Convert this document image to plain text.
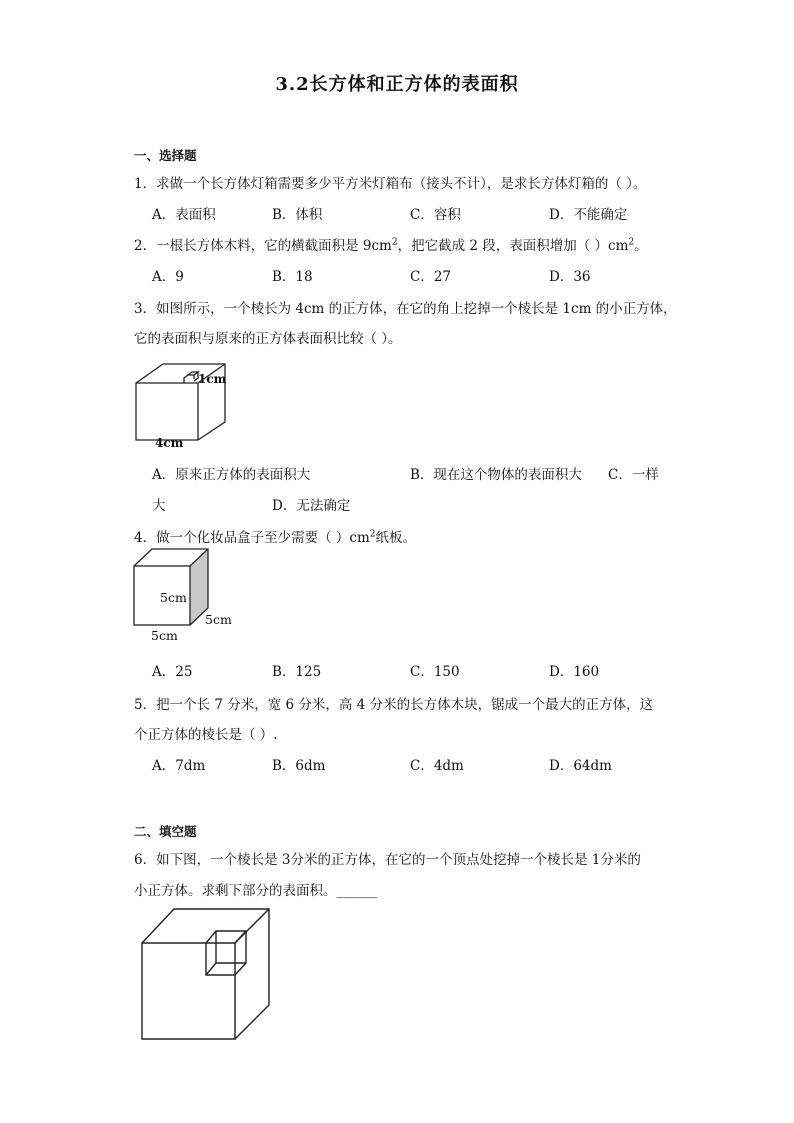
3.2长方体和正方体的表面积
一、选择题
1．求做一个长方体灯箱需要多少平方米灯箱布（接头不计），是求长方体灯箱的（ ）。
A．表面积	B．体积	C．容积	D．不能确定
2．一根长方体木料，它的横截面积是 $9cm^2$，把它截成 2 段，表面积增加（ ）$cm^2$。
A．9	B．18	C．27	D．36
3．如图所示，一个棱长为 4cm 的正方体，在它的角上挖掉一个棱长是 1cm 的小正方体，
它的表面积与原来的正方体表面积比较（ ）。
1cm
4cm
A．原来正方体的表面积大	B．现在这个物体的表面积大 C．一样
大	D．无法确定
4．做一个化妆品盒子至少需要（ ）$cm^2$纸板。
5cm
5cm
5cm
A．25	B．125	C．150	D．160
5．把一个长 7 分米，宽 6 分米，高 4 分米的长方体木块，锯成一个最大的正方体，这
个正方体的棱长是（ ）.
A．7dm	B．6dm	C．4dm	D．64dm
二、填空题
6．如下图，一个棱长是 3分米的正方体，在它的一个顶点处挖掉一个棱长是 1分米的
小正方体。求剩下部分的表面积。______
